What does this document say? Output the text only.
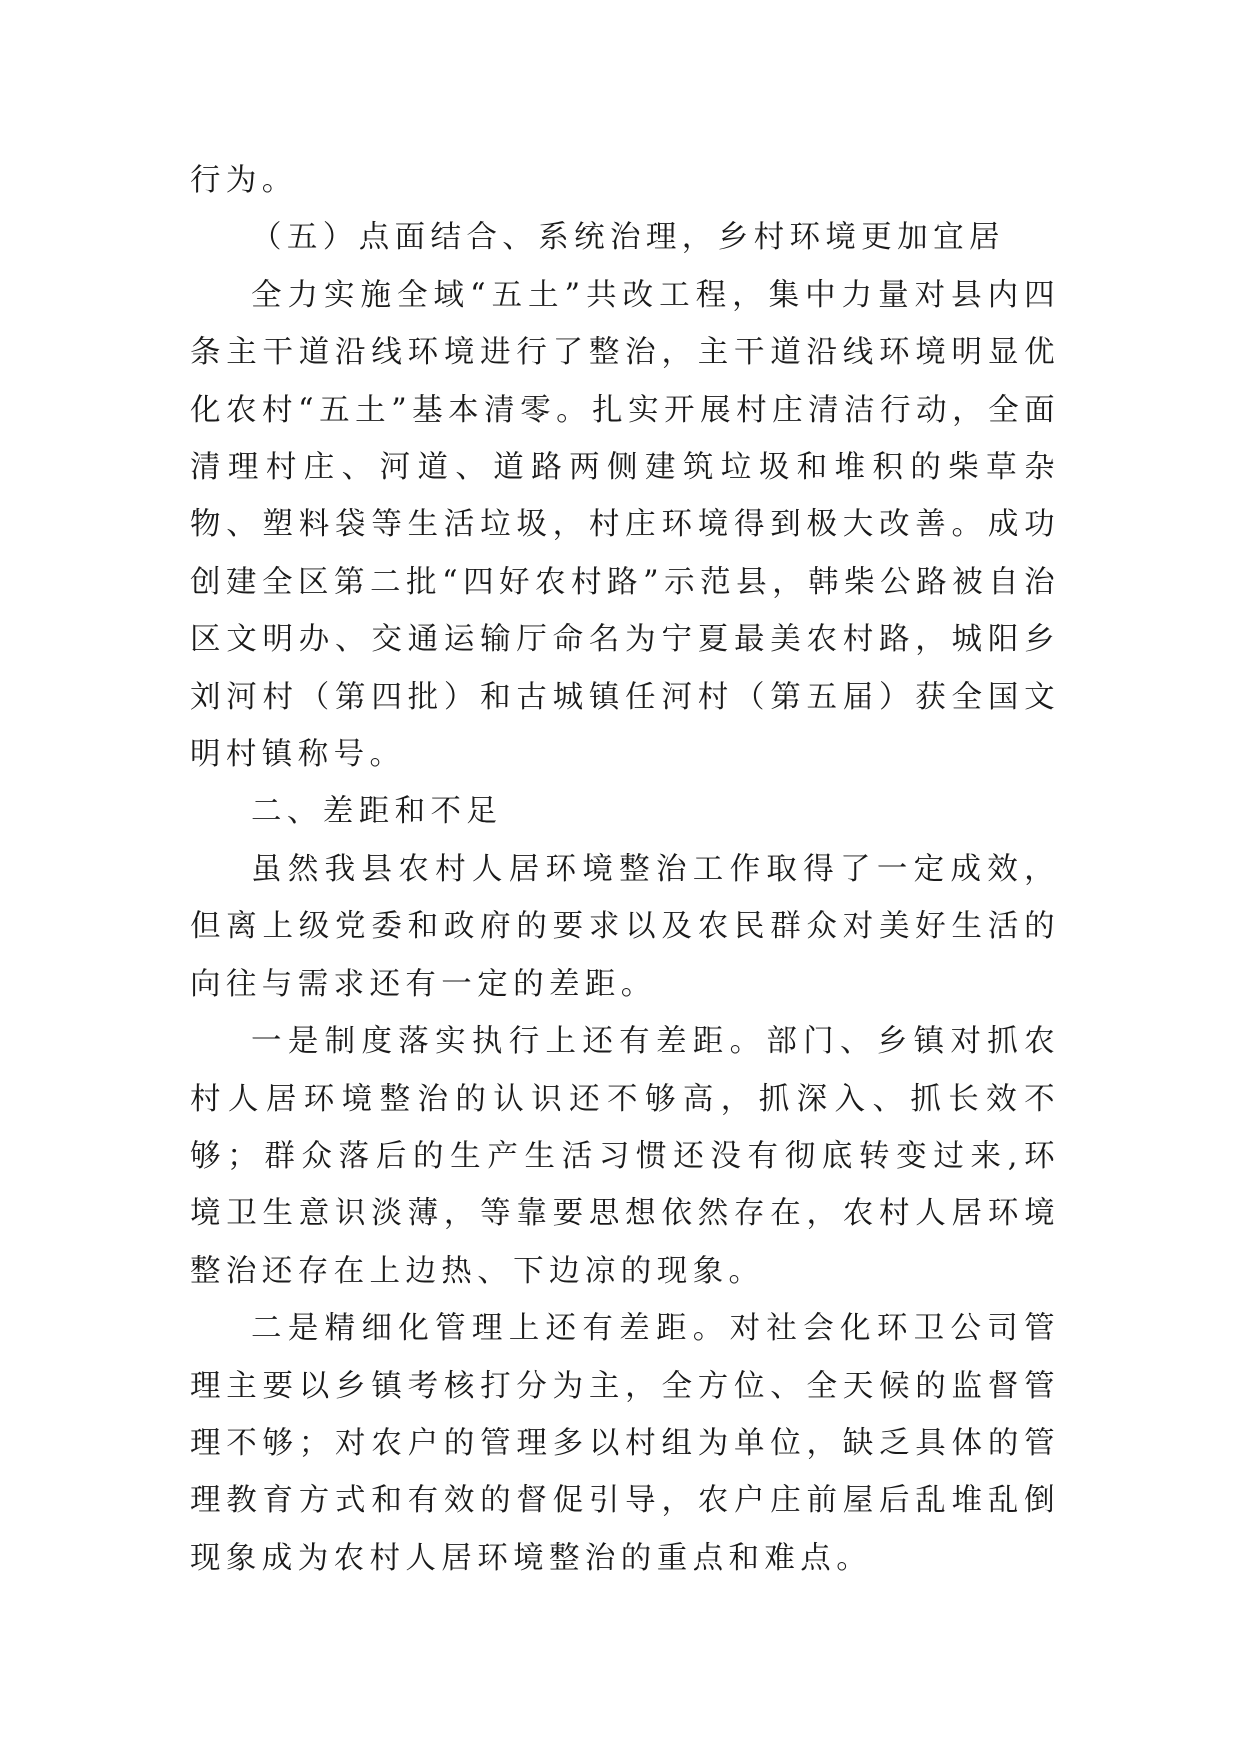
行为。

（五）点面结合、系统治理，乡村环境更加宜居

全力实施全域“五土”共改工程，集中力量对县内四条主干道沿线环境进行了整治，主干道沿线环境明显优化农村“五土”基本清零。扎实开展村庄清洁行动，全面清理村庄、河道、道路两侧建筑垃圾和堆积的柴草杂物、塑料袋等生活垃圾，村庄环境得到极大改善。成功创建全区第二批“四好农村路”示范县，韩柴公路被自治区文明办、交通运输厅命名为宁夏最美农村路，城阳乡刘河村（第四批）和古城镇任河村（第五届）获全国文明村镇称号。

二、差距和不足

虽然我县农村人居环境整治工作取得了一定成效，但离上级党委和政府的要求以及农民群众对美好生活的向往与需求还有一定的差距。

一是制度落实执行上还有差距。部门、乡镇对抓农村人居环境整治的认识还不够高，抓深入、抓长效不够；群众落后的生产生活习惯还没有彻底转变过来,环境卫生意识淡薄，等靠要思想依然存在，农村人居环境整治还存在上边热、下边凉的现象。

二是精细化管理上还有差距。对社会化环卫公司管理主要以乡镇考核打分为主，全方位、全天候的监督管理不够；对农户的管理多以村组为单位，缺乏具体的管理教育方式和有效的督促引导，农户庄前屋后乱堆乱倒现象成为农村人居环境整治的重点和难点。
